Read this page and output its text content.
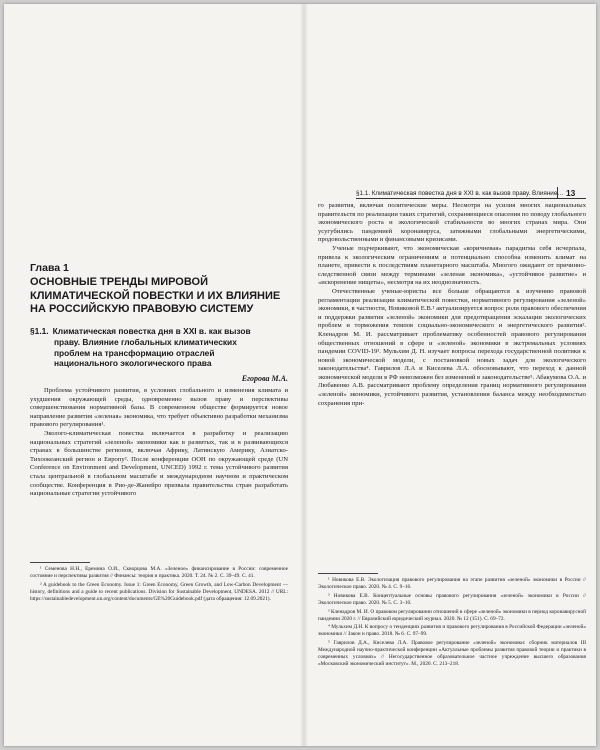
Глава 1
ОСНОВНЫЕ ТРЕНДЫ МИРОВОЙ КЛИМАТИЧЕСКОЙ ПОВЕСТКИ И ИХ ВЛИЯНИЕ НА РОССИЙСКУЮ ПРАВОВУЮ СИСТЕМУ
§1.1. Климатическая повестка дня в XXI в. как вызов
праву. Влияние глобальных климатических проблем на трансформацию отраслей национального экологического права
Егорова М.А.

Проблема устойчивого развития, в условиях глобального и изменения климата и ухудшения окружающей среды, одновременно вызов праву и перспективы совершенствования нормативной базы. В современном обществе формируется новое направление развития «зеленая» экономика, что требует объективно разработки механизма правового регулирования¹.

Эколого-климатическая повестка включается в разработку и реализацию национальных стратегий «зеленой» экономики как в развитых, так и в развивающихся странах в большинстве регионов, включая Африку, Латинскую Америку, Азиатско-Тихоокеанский регион и Европу². После конференции ООН по окружающей среде (UN Conference on Environment and Development, UNCED) 1992 г. тема устойчивого развития стала центральной в глобальном масштабе и международном научном и практическом сообществе. Конференция в Рио-де-Жанейро призвала правительства стран разработать национальные стратегии устойчивого

¹ Семенова Н.Н., Еремина О.И., Скворцова М.А. «Зеленое» финансирование в России: современное состояние и перспективы развития // Финансы: теория и практика. 2020. Т. 24. № 2. С. 39–49. С. 41.

² A guidebook to the Green Economy. Issue 1: Green Economy, Green Growth, and Low-Carbon Development — history, definitions and a guide to recent publications. Division for Sustainable Development, UNDESA. 2012 // URL: https://sustainabledevelopment.un.org/content/documents/GE%20Guidebook.pdf (дата обращения: 12.09.2021).

§1.1. Климатическая повестка дня в XXI в. как вызов праву. Влияние… 13

го развития, включая политические меры. Несмотря на усилия многих национальных правительств по реализации таких стратегий, сохраняющиеся опасения по поводу глобального экономического роста и экологической стабильности во многих странах мира. Они усугубились пандемией коронавируса, затяжными глобальными энергетическими, продовольственными и финансовыми кризисами.

Ученые подчеркивают, что экономическая «коричневая» парадигма себя исчерпала, привела к экологическим ограничениям и потенциально способна изменить климат на планете, привести к последствиям планетарного масштаба. Многого ожидают от причинно-следственной связи между терминами «зеленая экономика», «устойчивое развитие» и «искоренение нищеты», несмотря на их неоднозначность.

Отечественные ученые-юристы все больше обращаются к изучению правовой регламентации реализации климатической повестки, нормативного регулирования «зеленой» экономики, в частности, Новиковой Е.В.¹ актуализируется вопрос роли правового обеспечения и поддержки развития «зеленой» экономики для предотвращения эскалации экологических проблем и торможения темпов социально-экономического и энергетического развития². Кленадров М. И. рассматривает проблематику особенностей правового регулирования общественных отношений в сфере и «зеленой» экономики в экстремальных условиях пандемии COVID-19³. Мульхим Д. Н. изучает вопросы перехода государственной политики к новой экономической модели, с постановкой новых задач для экологического законодательства⁴. Гаврилов Л.А и Киселева Л.А. обосновывают, что переход к данной экономической модели в РФ невозможен без изменений в законодательстве⁵. Абакумова О.А. и Любавенко А.В. рассматривают проблему определения границ нормативного регулирования «зеленой» экономики, устойчивого развития, установления баланса между необходимостью сохранения при-

¹ Новикова Е.В. Экологизация правового регулирования на этапе развития «зеленой» экономики в России // Экологическое право. 2020. № 4. С. 9–16.

² Новикова Е.В. Концептуальные основы правового регулирования «зеленой» экономики в России // Экологическое право. 2020. № 5. С. 3–10.

³ Кленадров М. И. О правовом регулировании отношений в сфере «зеленой» экономики в период коронавирусной пандемии 2020 г. // Евразийский юридический журнал. 2020. № 12 (151). С. 69–72.

⁴ Мульхим Д.Н. К вопросу о тенденциях развития и правового регулирования в Российской Федерации «зеленой» экономики // Закон и право. 2018. № 6. С. 97–99.

⁵ Гаврилов Д.А., Киселева Л.А. Правовое регулирование «зеленой» экономики: сборник материалов III Международной научно-практической конференции «Актуальные проблемы развития правовой теории и практики в современных условиях» // Негосударственное образовательное частное учреждение высшего образования «Московский экономический институт». М., 2020. С. 213–218.
